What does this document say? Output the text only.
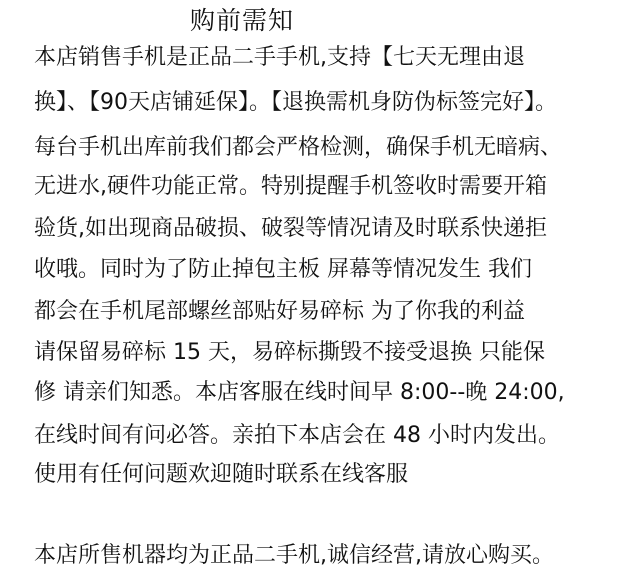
购前需知
本店销售手机是正品二手手机,支持【七天无理由退
换】、【90天店铺延保】。【退换需机身防伪标签完好】。
每台手机出库前我们都会严格检测，确保手机无暗病、
无进水,硬件功能正常。特别提醒手机签收时需要开箱
验货,如出现商品破损、破裂等情况请及时联系快递拒
收哦。同时为了防止掉包主板 屏幕等情况发生 我们
都会在手机尾部螺丝部贴好易碎标 为了你我的利益
请保留易碎标 15 天，易碎标撕毁不接受退换 只能保
修 请亲们知悉。本店客服在线时间早 8:00--晚 24:00,
在线时间有问必答。亲拍下本店会在 48 小时内发出。
使用有任何问题欢迎随时联系在线客服
本店所售机器均为正品二手机,诚信经营,请放心购买。
